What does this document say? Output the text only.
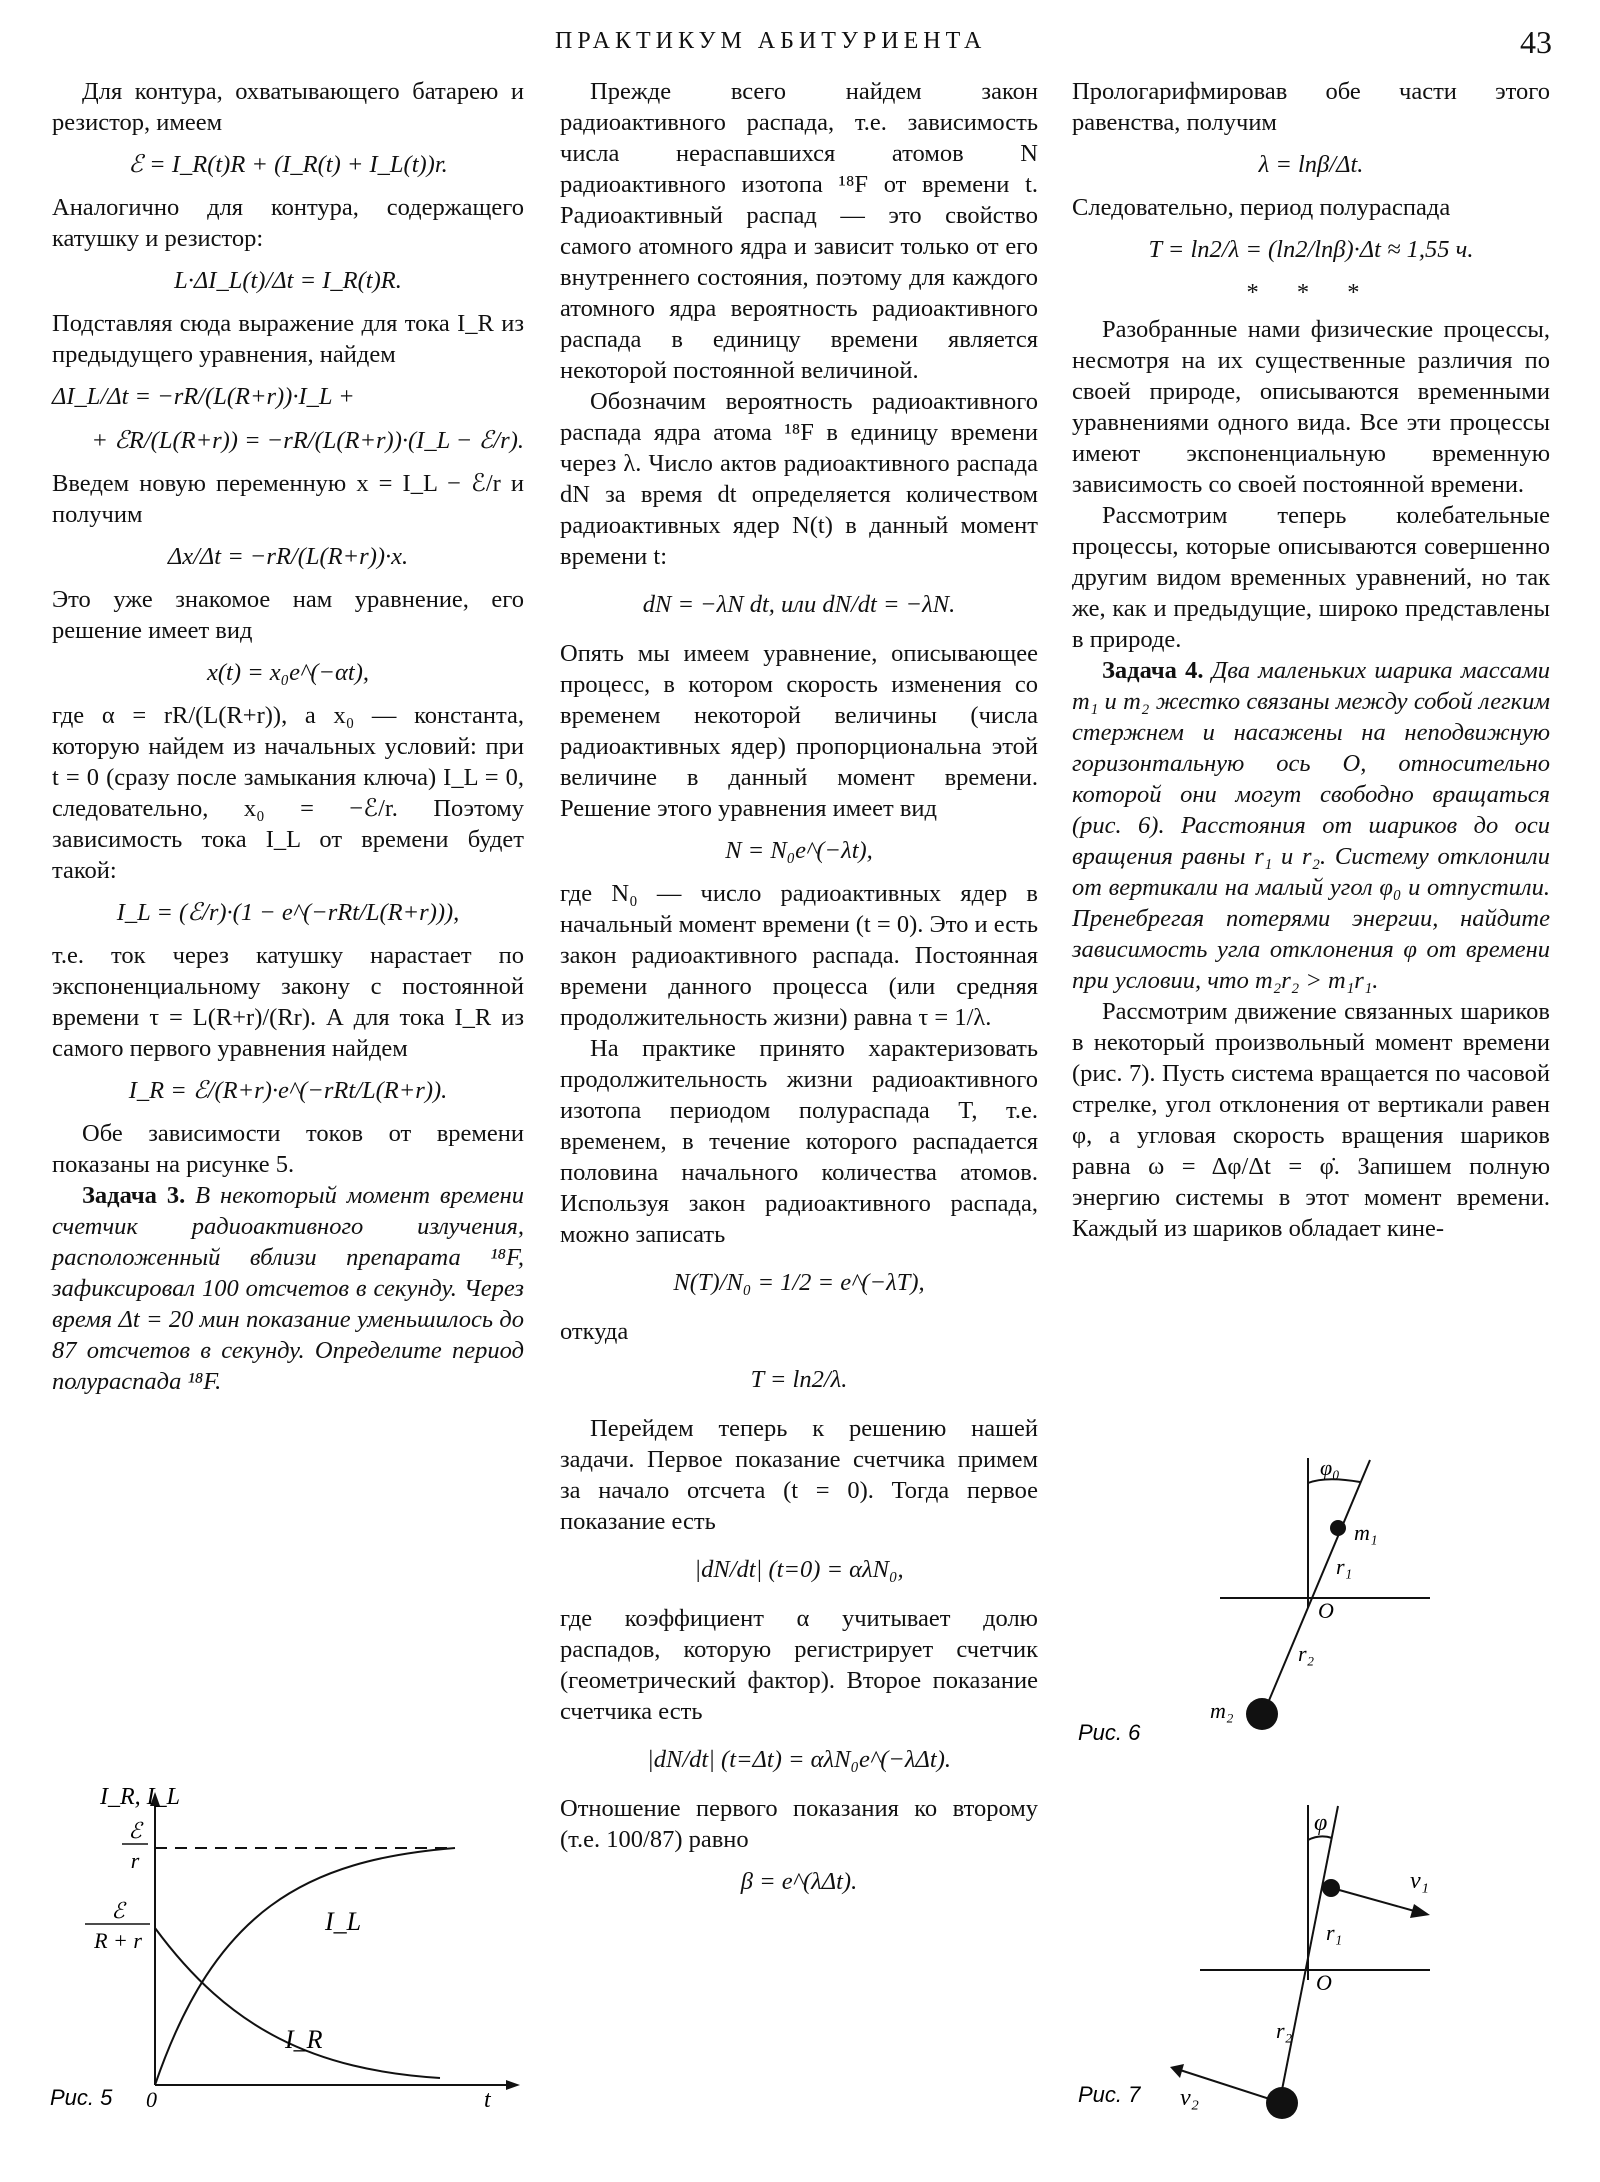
ПРАКТИКУМ АБИТУРИЕНТА	43

Для контура, охватывающего батарею и резистор, имеем

ℰ = I_R(t)R + (I_R(t) + I_L(t))r.

Аналогично для контура, содержащего катушку и резистор:

L·ΔI_L(t)/Δt = I_R(t)R.

Подставляя сюда выражение для тока I_R из предыдущего уравнения, найдем

ΔI_L/Δt = −rR/(L(R+r))·I_L +
+ ℰR/(L(R+r)) = −rR/(L(R+r))·(I_L − ℰ/r).

Введем новую переменную x = I_L − ℰ/r и получим

Δx/Δt = −rR/(L(R+r))·x.

Это уже знакомое нам уравнение, его решение имеет вид

x(t) = x₀e^(−αt),

где α = rR/(L(R+r)), а x₀ — константа, которую найдем из начальных условий: при t = 0 (сразу после замыкания ключа) I_L = 0, следовательно, x₀ = −ℰ/r. Поэтому зависимость тока I_L от времени будет такой:

I_L = (ℰ/r)·(1 − e^(−rRt/L(R+r))),

т.е. ток через катушку нарастает по экспоненциальному закону с постоянной времени τ = L(R+r)/(Rr). А для тока I_R из самого первого уравнения найдем

I_R = ℰ/(R+r)·e^(−rRt/L(R+r)).

Обе зависимости токов от времени показаны на рисунке 5.

Задача 3. В некоторый момент времени счетчик радиоактивного излучения, расположенный вблизи препарата ¹⁸F, зафиксировал 100 отсчетов в секунду. Через время Δt = 20 мин показание уменьшилось до 87 отсчетов в секунду. Определите период полураспада ¹⁸F.

I_R, I_L
ℰ
r
ℰ
R + r
I_L
I_R
0	t
Рис. 5

Прежде всего найдем закон радиоактивного распада, т.е. зависимость числа нераспавшихся атомов N радиоактивного изотопа ¹⁸F от времени t. Радиоактивный распад — это свойство самого атомного ядра и зависит только от его внутреннего состояния, поэтому для каждого атомного ядра вероятность радиоактивного распада в единицу времени является некоторой постоянной величиной.

Обозначим вероятность радиоактивного распада ядра атома ¹⁸F в единицу времени через λ. Число актов радиоактивного распада dN за время dt определяется количеством радиоактивных ядер N(t) в данный момент времени t:

dN = −λN dt, или dN/dt = −λN.

Опять мы имеем уравнение, описывающее процесс, в котором скорость изменения со временем некоторой величины (числа радиоактивных ядер) пропорциональна этой величине в данный момент времени. Решение этого уравнения имеет вид

N = N₀e^(−λt),

где N₀ — число радиоактивных ядер в начальный момент времени (t = 0). Это и есть закон радиоактивного распада. Постоянная времени данного процесса (или средняя продолжительность жизни) равна τ = 1/λ.

На практике принято характеризовать продолжительность жизни радиоактивного изотопа периодом полураспада T, т.е. временем, в течение которого распадается половина начального количества атомов. Используя закон радиоактивного распада, можно записать

N(T)/N₀ = 1/2 = e^(−λT),

откуда

T = ln2/λ.

Перейдем теперь к решению нашей задачи. Первое показание счетчика примем за начало отсчета (t = 0). Тогда первое показание есть

|dN/dt| (t=0) = αλN₀,

где коэффициент α учитывает долю распадов, которую регистрирует счетчик (геометрический фактор). Второе показание счетчика есть

|dN/dt| (t=Δt) = αλN₀e^(−λΔt).

Отношение первого показания ко второму (т.е. 100/87) равно

β = e^(λΔt).

Прологарифмировав обе части этого равенства, получим

λ = lnβ/Δt.

Следовательно, период полураспада

T = ln2/λ = (ln2/lnβ)·Δt ≈ 1,55 ч.
* * *

Разобранные нами физические процессы, несмотря на их существенные различия по своей природе, описываются временными уравнениями одного вида. Все эти процессы имеют экспоненциальную временную зависимость со своей постоянной времени.

Рассмотрим теперь колебательные процессы, которые описываются совершенно другим видом временных уравнений, но так же, как и предыдущие, широко представлены в природе.

Задача 4. Два маленьких шарика массами m₁ и m₂ жестко связаны между собой легким стержнем и насажены на неподвижную горизонтальную ось O, относительно которой они могут свободно вращаться (рис. 6). Расстояния от шариков до оси вращения равны r₁ и r₂. Систему отклонили от вертикали на малый угол φ₀ и отпустили. Пренебрегая потерями энергии, найдите зависимость угла отклонения φ от времени при условии, что m₂r₂ > m₁r₁.

Рассмотрим движение связанных шариков в некоторый произвольный момент времени (рис. 7). Пусть система вращается по часовой стрелке, угол отклонения от вертикали равен φ, а угловая скорость вращения шариков равна ω = Δφ/Δt = φ̇. Запишем полную энергию системы в этот момент времени. Каждый из шариков обладает кине-

φ₀
m₁
r₁
O
r₂
m₂
Рис. 6
φ
v₁
r₁
O
r₂
v₂
Рис. 7
